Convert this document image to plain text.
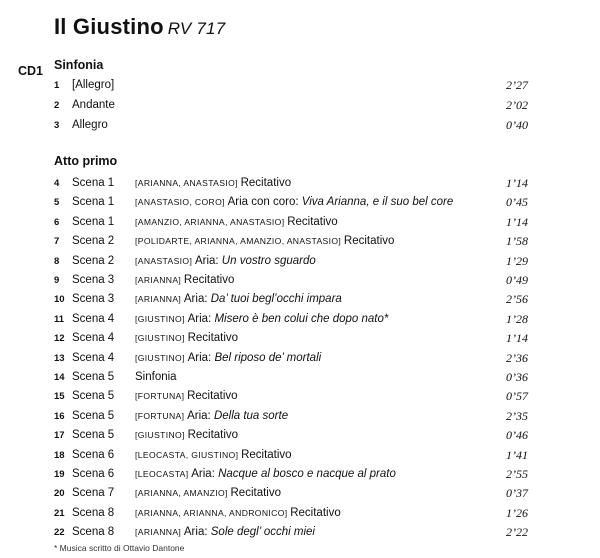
Il Giustino RV 717
CD1 Sinfonia
1	[Allegro]	2’27
2	Andante	2’02
3	Allegro	0’40
Atto primo
4	Scena 1 [ARIANNA, ANASTASIO] Recitativo	1’14
5	Scena 1 [ANASTASIO, CORO] Aria con coro: Viva Arianna, e il suo bel core	0’45
6	Scena 1 [AMANZIO, ARIANNA, ANASTASIO] Recitativo	1’14
7	Scena 2 [POLIDARTE, ARIANNA, AMANZIO, ANASTASIO] Recitativo	1’58
8	Scena 2 [ANASTASIO] Aria: Un vostro sguardo	1’29
9	Scena 3 [ARIANNA] Recitativo	0’49
10 Scena 3 [ARIANNA] Aria: Da’ tuoi begl’occhi impara	2’56
11 Scena 4 [GIUSTINO] Aria: Misero è ben colui che dopo nato*	1’28
12 Scena 4 [GIUSTINO] Recitativo	1’14
13 Scena 4 [GIUSTINO] Aria: Bel riposo de’ mortali	2’36
14 Scena 5 Sinfonia	0’36
15 Scena 5 [FORTUNA] Recitativo	0’57
16 Scena 5 [FORTUNA] Aria: Della tua sorte	2’35
17 Scena 5 [GIUSTINO] Recitativo	0’46
18 Scena 6 [LEOCASTA, GIUSTINO] Recitativo	1’41
19 Scena 6 [LEOCASTA] Aria: Nacque al bosco e nacque al prato	2’55
20 Scena 7 [ARIANNA, AMANZIO] Recitativo	0’37
21 Scena 8 [ARIANNA, ARIANNA, ANDRONICO] Recitativo	1’26
22 Scena 8 [ARIANNA] Aria: Sole degl’ occhi miei	2’22
* Musica scritto di Ottavio Dantone
